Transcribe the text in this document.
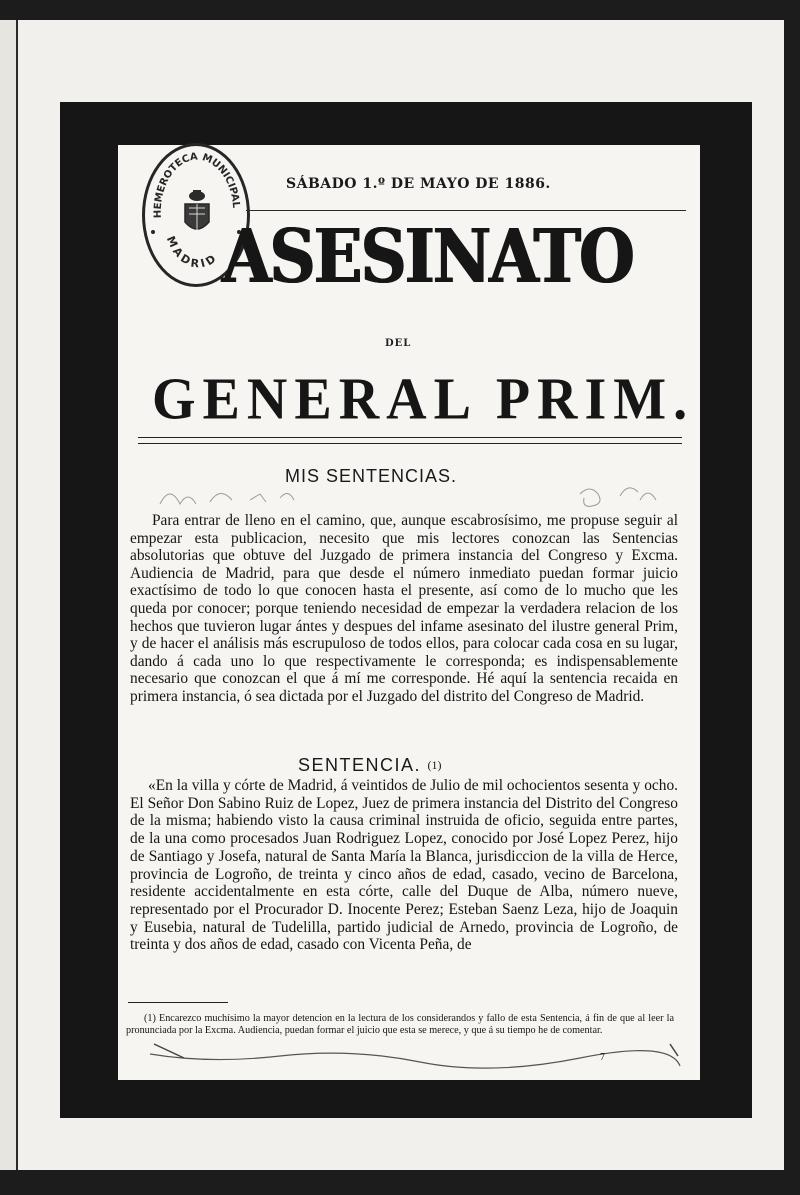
HEMEROTECA MUNICIPAL
MADRID
SÁBADO 1.º DE MAYO DE 1886.
ASESINATO
DEL
GENERAL PRIM.
MIS SENTENCIAS.

Para entrar de lleno en el camino, que, aunque escabrosísimo, me propuse seguir al empezar esta publicacion, necesito que mis lectores conozcan las Sentencias absolutorias que obtuve del Juzgado de primera instancia del Congreso y Excma. Audiencia de Madrid, para que desde el número inmediato puedan formar juicio exactísimo de todo lo que conocen hasta el presente, así como de lo mucho que les queda por conocer; porque teniendo necesidad de empezar la verdadera relacion de los hechos que tuvieron lugar ántes y despues del infame asesinato del ilustre general Prim, y de hacer el análisis más escrupuloso de todos ellos, para colocar cada cosa en su lugar, dando á cada uno lo que respectivamente le corresponda; es indispensablemente necesario que conozcan el que á mí me corresponde. Hé aquí la sentencia recaida en primera instancia, ó sea dictada por el Juzgado del distrito del Congreso de Madrid.

SENTENCIA. (1)

«En la villa y córte de Madrid, á veintidos de Julio de mil ochocientos sesenta y ocho. El Señor Don Sabino Ruiz de Lopez, Juez de primera instancia del Distrito del Congreso de la misma; habiendo visto la causa criminal instruida de oficio, seguida entre partes, de la una como procesados Juan Rodriguez Lopez, conocido por José Lopez Perez, hijo de Santiago y Josefa, natural de Santa María la Blanca, jurisdiccion de la villa de Herce, provincia de Logroño, de treinta y cinco años de edad, casado, vecino de Barcelona, residente accidentalmente en esta córte, calle del Duque de Alba, número nueve, representado por el Procurador D. Inocente Perez; Esteban Saenz Leza, hijo de Joaquin y Eusebia, natural de Tudelilla, partido judicial de Arnedo, provincia de Logroño, de treinta y dos años de edad, casado con Vicenta Peña, de

(1) Encarezco muchísimo la mayor detencion en la lectura de los considerandos y fallo de esta Sentencia, á fin de que al leer la pronunciada por la Excma. Audiencia, puedan formar el juicio que esta se merece, y que á su tiempo he de comentar.

7
